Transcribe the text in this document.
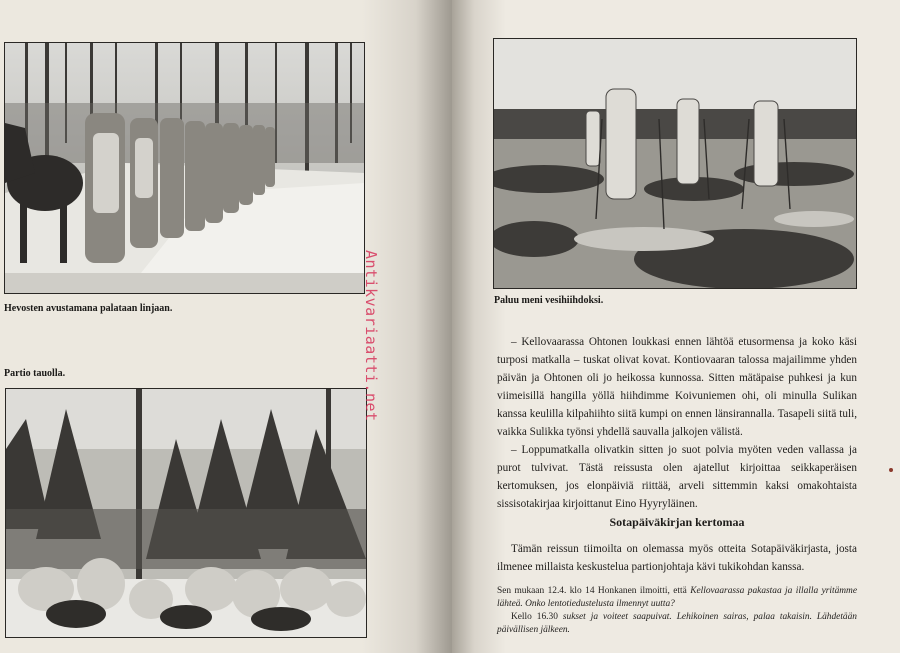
Hevosten avustamana palataan linjaan.
Partio tauolla.
Paluu meni vesihiihdoksi.

– Kellovaarassa Ohtonen loukkasi ennen lähtöä etusormensa ja koko käsi turposi matkalla – tuskat olivat kovat. Kontiovaaran talossa majailimme yhden päivän ja Ohtonen oli jo heikossa kunnossa. Sitten mätäpaise puhkesi ja kun viimeisillä hangilla yöllä hiihdimme Koivuniemen ohi, oli minulla Sulikan kanssa keulilla kilpahiihto siitä kumpi on ennen länsirannalla. Tasapeli siitä tuli, vaikka Sulikka työnsi yhdellä sauvalla jalkojen välistä.

– Loppumatkalla olivatkin sitten jo suot polvia myöten veden vallassa ja purot tulvivat. Tästä reissusta olen ajatellut kirjoittaa seikkaperäisen kertomuksen, jos elonpäiviä riittää, arveli sittemmin kaksi omakohtaista sissisotakirjaa kirjoittanut Eino Hyyryläinen.

Sotapäiväkirjan kertomaa

Tämän reissun tiimoilta on olemassa myös otteita Sotapäiväkirjasta, josta ilmenee millaista keskustelua partionjohtaja kävi tukikohdan kanssa.

Sen mukaan 12.4. klo 14 Honkanen ilmoitti, että Kellovaarassa pakastaa ja illalla yritämme lähteä. Onko lentotiedustelusta ilmennyt uutta?

Kello 16.30 sukset ja voiteet saapuivat. Lehikoinen sairas, palaa takaisin. Lähdetään päivällisen jälkeen.

Antikvariaatti.net
